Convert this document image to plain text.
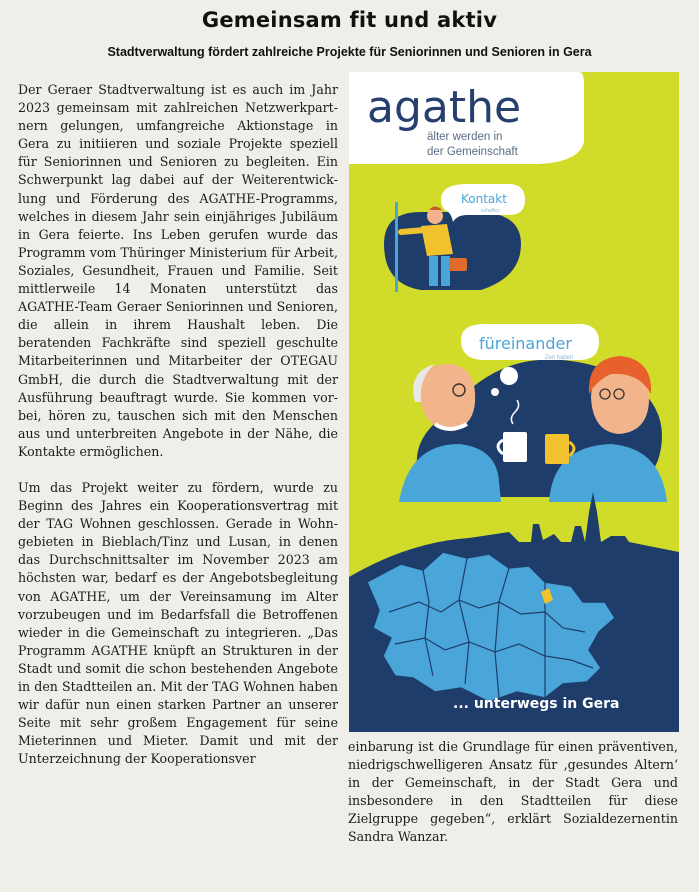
Gemeinsam fit und aktiv
Stadtverwaltung fördert zahlreiche Projekte für Seniorinnen und Senioren in Gera

Der Geraer Stadtverwaltung ist es auch im Jahr 2023 gemeinsam mit zahlreichen Netzwerkpartnern gelungen, umfangreiche Aktionstage in Gera zu initiieren und soziale Projekte speziell für Seniorinnen und Senioren zu begleiten. Ein Schwerpunkt lag dabei auf der Weiterentwicklung und Förderung des AGATHE-Programms, welches in diesem Jahr sein einjähriges Jubiläum in Gera feierte. Ins Leben gerufen wurde das Programm vom Thüringer Ministerium für Arbeit, Soziales, Gesundheit, Frauen und Familie. Seit mittlerweile 14 Monaten unterstützt das AGATHE-Team Geraer Seniorinnen und Senioren, die allein in ihrem Haushalt leben. Die beratenden Fachkräfte sind speziell geschulte Mitarbeiterinnen und Mitarbeiter der OTEGAU GmbH, die durch die Stadtverwaltung mit der Ausführung beauftragt wurde. Sie kommen vorbei, hören zu, tauschen sich mit den Menschen aus und unterbreiten Angebote in der Nähe, die Kontakte ermöglichen.

Um das Projekt weiter zu fördern, wurde zu Beginn des Jahres ein Kooperationsvertrag mit der TAG Wohnen geschlossen. Gerade in Wohngebieten in Bieblach/Tinz und Lusan, in denen das Durchschnittsalter im November 2023 am höchsten war, bedarf es der Angebotsbegleitung von AGATHE, um der Vereinsamung im Alter vorzubeugen und im Bedarfsfall die Betroffenen wieder in die Gemeinschaft zu integrieren. „Das Programm AGATHE knüpft an Strukturen in der Stadt und somit die schon bestehenden Angebote in den Stadtteilen an. Mit der TAG Wohnen haben wir dafür nun einen starken Partner an unserer Seite mit sehr großem Engagement für seine Mieterinnen und Mieter. Damit und mit der Unterzeichnung der Kooperationsver

agathe
älter werden in
der Gemeinschaft
Kontakt
schaffen
füreinander
Zeit haben
... unterwegs in Gera

einbarung ist die Grundlage für einen präventiven, niedrigschwelligeren Ansatz für ‚gesundes Altern‘ in der Gemeinschaft, in der Stadt Gera und insbesondere in den Stadtteilen für diese Zielgruppe gegeben“, erklärt Sozialdezernentin Sandra Wanzar.
